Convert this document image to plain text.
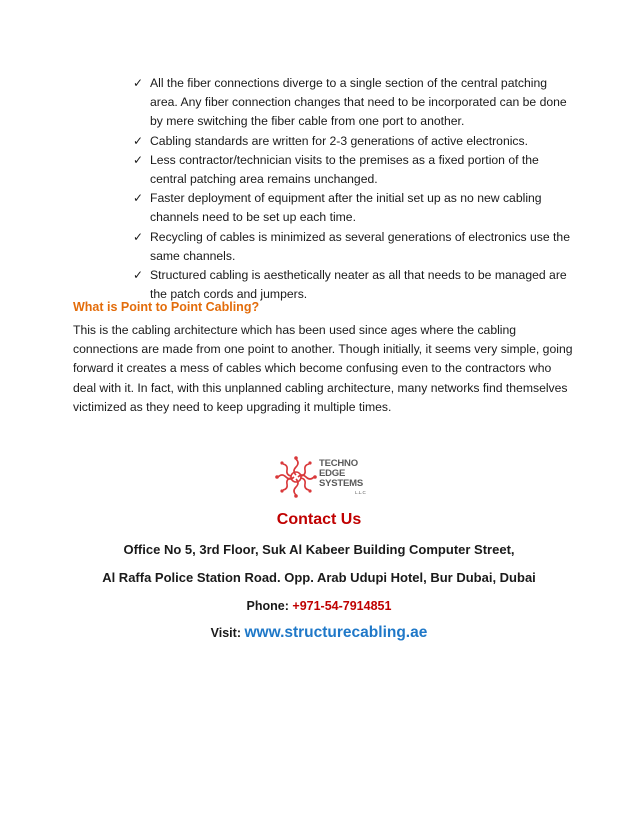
✓ All the fiber connections diverge to a single section of the central patching area. Any fiber connection changes that need to be incorporated can be done by mere switching the fiber cable from one port to another.
✓ Cabling standards are written for 2-3 generations of active electronics.
✓ Less contractor/technician visits to the premises as a fixed portion of the central patching area remains unchanged.
✓ Faster deployment of equipment after the initial set up as no new cabling channels need to be set up each time.
✓ Recycling of cables is minimized as several generations of electronics use the same channels.
✓ Structured cabling is aesthetically neater as all that needs to be managed are the patch cords and jumpers.
What is Point to Point Cabling?

This is the cabling architecture which has been used since ages where the cabling connections are made from one point to another. Though initially, it seems very simple, going forward it creates a mess of cables which become confusing even to the contractors who deal with it. In fact, with this unplanned cabling architecture, many networks find themselves victimized as they need to keep upgrading it multiple times.

TECHNO
EDGE
SYSTEMS
L.L.C
Contact Us
Office No 5, 3rd Floor, Suk Al Kabeer Building Computer Street,
Al Raffa Police Station Road. Opp. Arab Udupi Hotel, Bur Dubai, Dubai
Phone: +971-54-7914851
Visit: www.structurecabling.ae
